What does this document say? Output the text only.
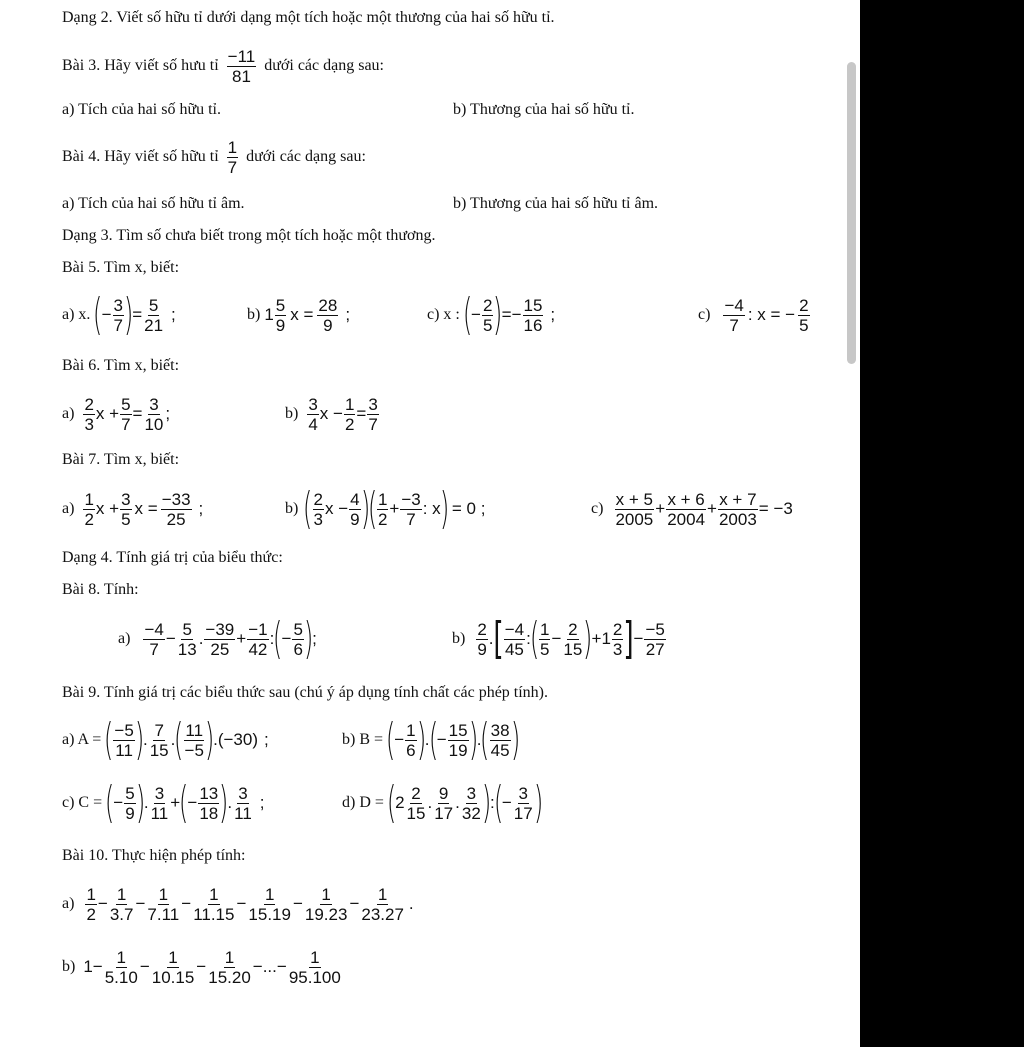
Dạng 2. Viết số hữu tỉ dưới dạng một tích hoặc một thương của hai số hữu tỉ.
Bài 3. Hãy viết số hưu tỉ $\frac{-11}{81}$ dưới các dạng sau:
a) Tích của hai số hữu tỉ.	b) Thương của hai số hữu tỉ.
Bài 4. Hãy viết số hữu tỉ $\frac{1}{7}$ dưới các dạng sau:
a) Tích của hai số hữu tỉ âm.	b) Thương của hai số hữu tỉ âm.
Dạng 3. Tìm số chưa biết trong một tích hoặc một thương.
Bài 5. Tìm x, biết:
a) x. (
− $\frac{3}{7}$ )
= $\frac{5}{21}$ ;	b) $1 \frac{5}{9}$ $x = \frac{28}{9}$ ;	c) x : (
− $\frac{2}{5}$ )
= − $\frac{15}{16}$ ;	$c) \frac{-4}{7}$ : x = − $\frac{2}{5}$
Bài 6. Tìm x, biết:
$a) \frac{2}{3}$ $x + \frac{5}{7} = \frac{3}{10}$ ;	$b) \frac{3}{4}$ $x - \frac{1}{2} = \frac{3}{7}$
Bài 7. Tìm x, biết:
$a) \frac{1}{2}$ $x + \frac{3}{5}$ $x = \frac{-33}{25}$ ;	b) ( $\frac{2}{3}$ $x - \frac{4}{9}$ )
( $\frac{1}{2} + \frac{-3}{7}$ : x
) = 0 ;	$c) \frac{x + 5}{2005} + \frac{x + 6}{2004} + \frac{x + 7}{2003} = -3$
Dạng 4. Tính giá trị của biểu thức:
Bài 8. Tính:
$a) \frac{-4}{7} - \frac{5}{13}$ . $\frac{-39}{25} + \frac{-1}{42}$ :
(
− $\frac{5}{6}$ )
;	$b) \frac{2}{9}$ . [ $\frac{-4}{45}$ :
( $\frac{1}{5} - \frac{2}{15}$ )
+ $1 \frac{2}{3}$ ] − $\frac{-5}{27}$
Bài 9. Tính giá trị các biểu thức sau (chú ý áp dụng tính chất các phép tính).
a) A = ( $\frac{-5}{11}$ )
. $\frac{7}{15}$ .
( $\frac{11}{-5}$ )
.(−30) ;	b) B = (
− $\frac{1}{6}$ )
.
(
− $\frac{15}{19}$ )
.
( $\frac{38}{45}$ )
c) C = (
− $\frac{5}{9}$ )
. $\frac{3}{11}$ +
(
− $\frac{13}{18}$ )
. $\frac{3}{11}$ ;	d) D = (
$2 \frac{2}{15}$ . $\frac{9}{17}$ . $\frac{3}{32}$ )
:
(
− $\frac{3}{17}$ )
Bài 10. Thực hiện phép tính:
$a) \frac{1}{2} - \frac{1}{3.7} - \frac{1}{7.11} - \frac{1}{11.15} - \frac{1}{15.19} - \frac{1}{19.23} - \frac{1}{23.27}$ .
b) $1- \frac{1}{5.10} - \frac{1}{10.15} - \frac{1}{15.20}$ −...− $\frac{1}{95.100}$
